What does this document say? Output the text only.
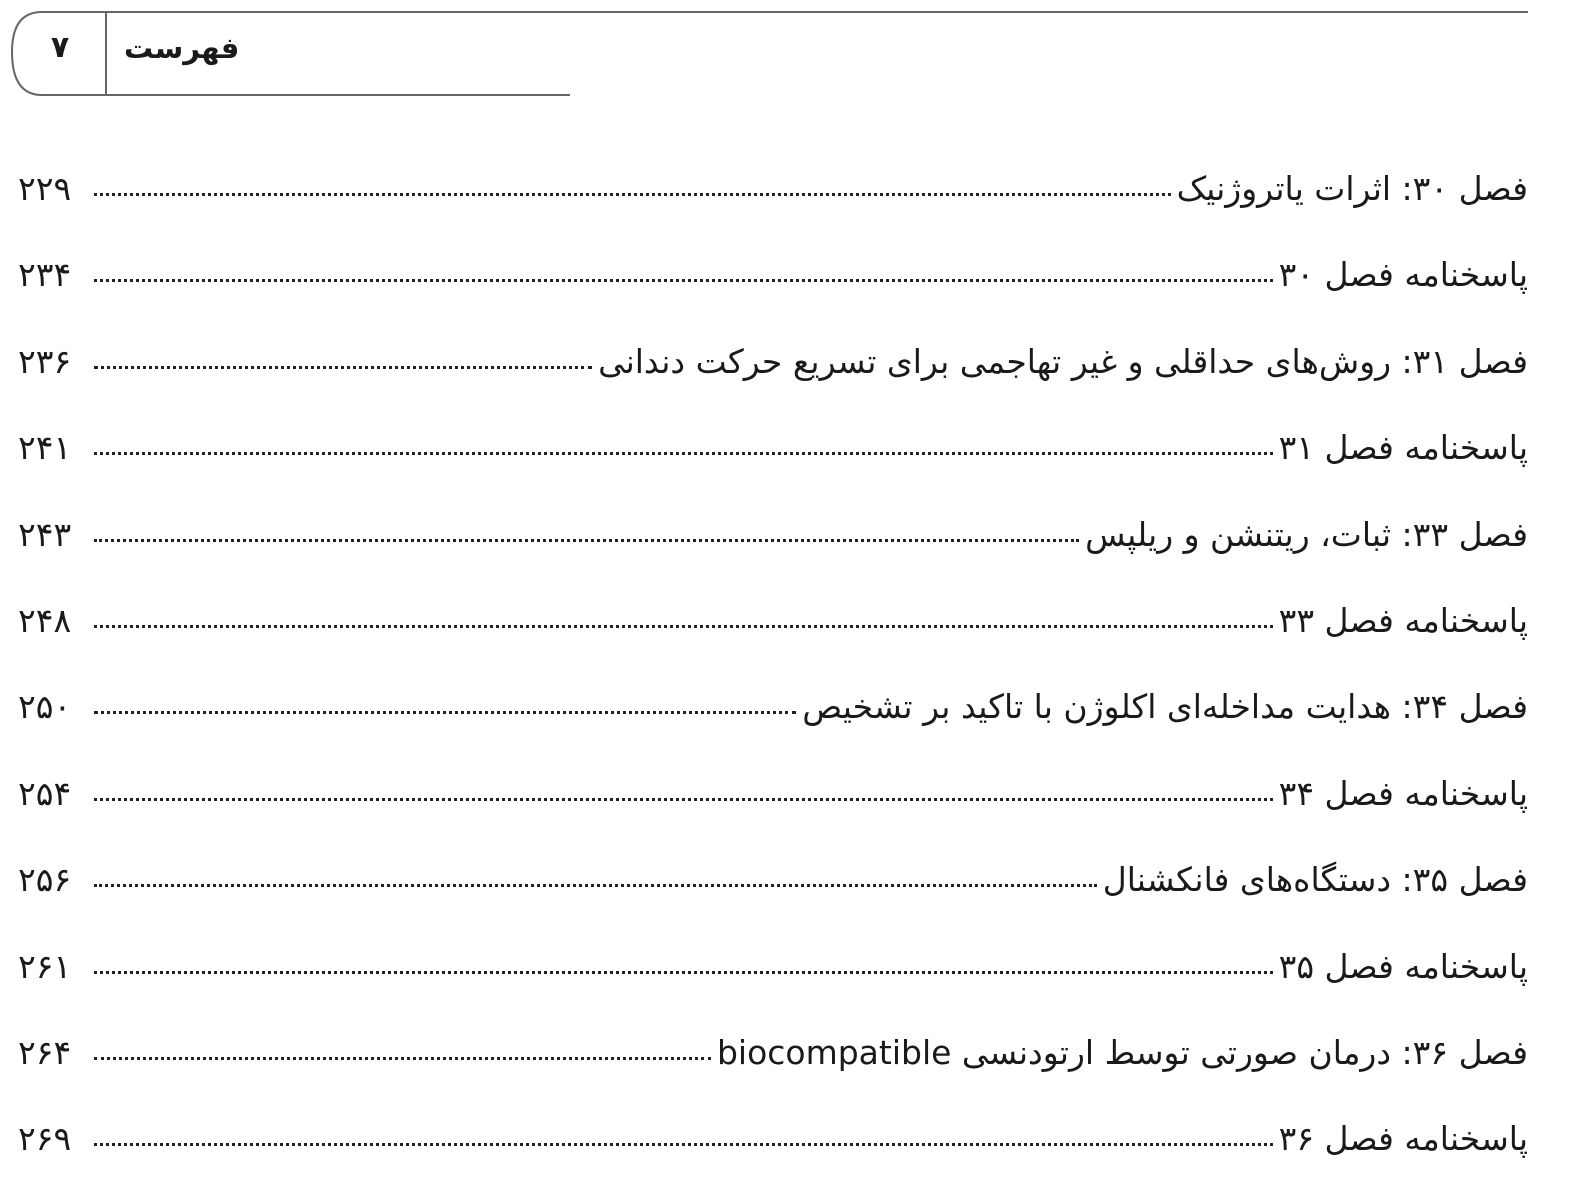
۷	فهرست
فصل ۳۰: اثرات یاتروژنیک
۲۲۹
پاسخنامه فصل ۳۰
۲۳۴
فصل ۳۱: روش‌های حداقلی و غیر تهاجمی برای تسریع حرکت دندانی
۲۳۶
پاسخنامه فصل ۳۱
۲۴۱
فصل ۳۳: ثبات، ریتنشن و ریلپس
۲۴۳
پاسخنامه فصل ۳۳
۲۴۸
فصل ۳۴: هدایت مداخله‌ای اکلوژن با تاکید بر تشخیص
۲۵۰
پاسخنامه فصل ۳۴
۲۵۴
فصل ۳۵: دستگاه‌های فانکشنال
۲۵۶
پاسخنامه فصل ۳۵
۲۶۱
فصل ۳۶: درمان صورتی توسط ارتودنسی biocompatible
۲۶۴
پاسخنامه فصل ۳۶
۲۶۹
